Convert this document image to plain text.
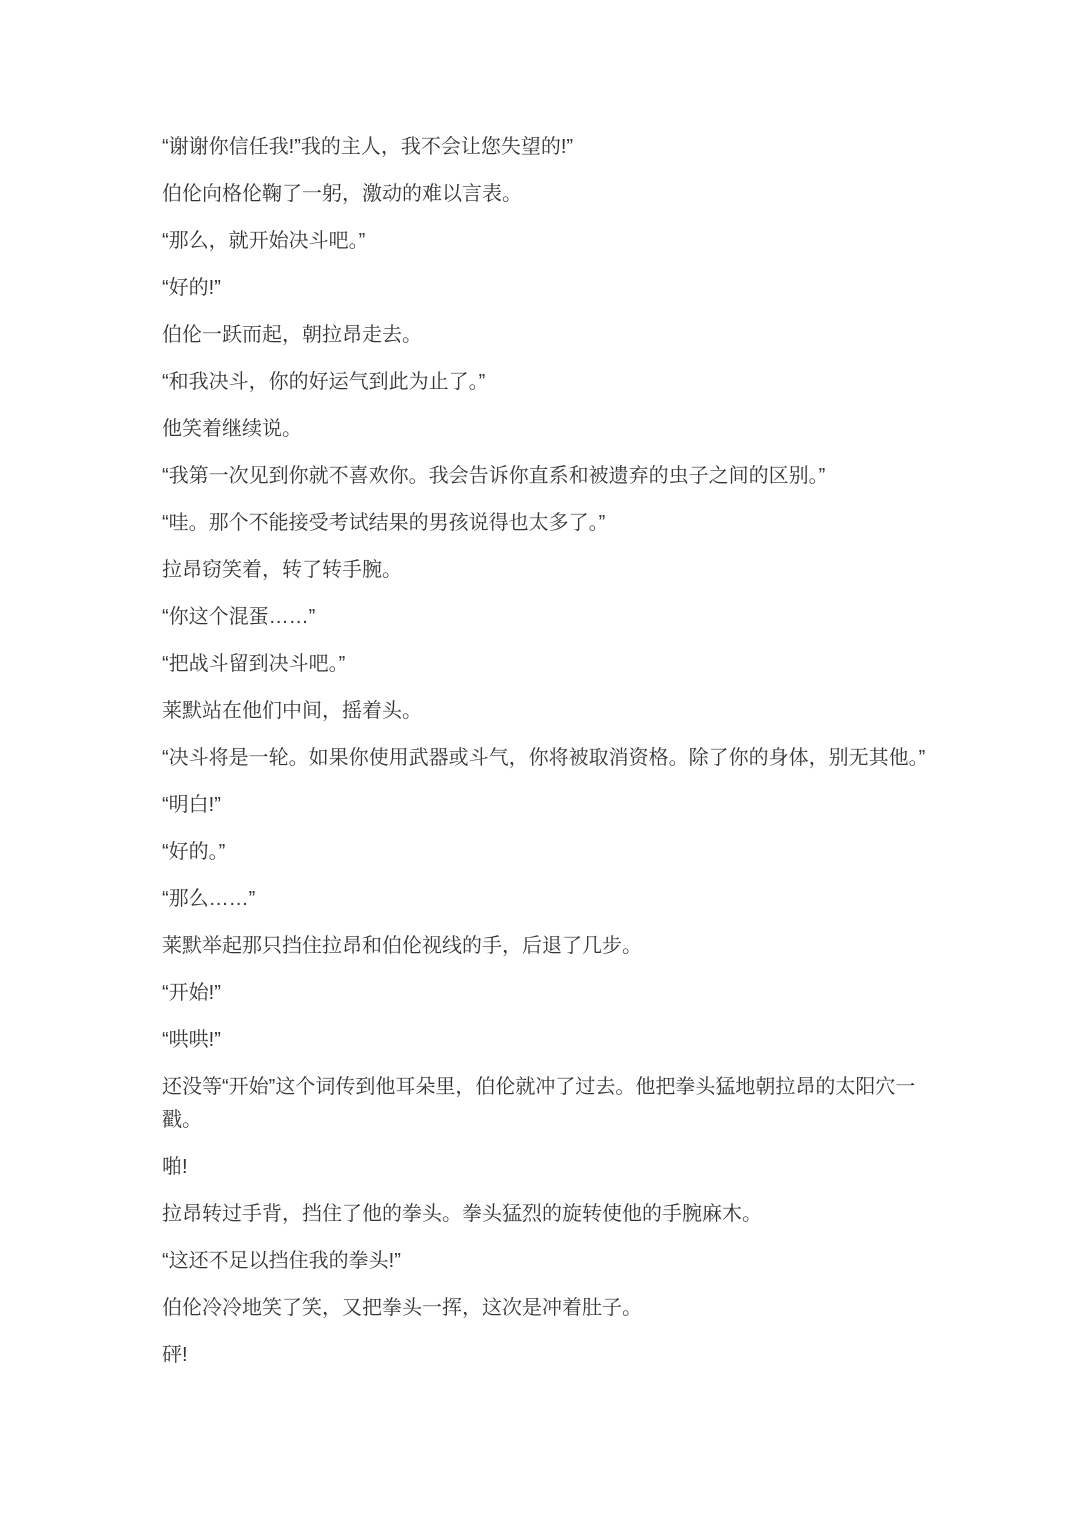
“谢谢你信任我!”我的主人，我不会让您失望的!”

伯伦向格伦鞠了一躬，激动的难以言表。

“那么，就开始决斗吧。”

“好的!”

伯伦一跃而起，朝拉昂走去。

“和我决斗，你的好运气到此为止了。”

他笑着继续说。

“我第一次见到你就不喜欢你。我会告诉你直系和被遗弃的虫子之间的区别。”

“哇。那个不能接受考试结果的男孩说得也太多了。”

拉昂窃笑着，转了转手腕。

“你这个混蛋……”

“把战斗留到决斗吧。”

莱默站在他们中间，摇着头。

“决斗将是一轮。如果你使用武器或斗气，你将被取消资格。除了你的身体，别无其他。”

“明白!”

“好的。”

“那么……”

莱默举起那只挡住拉昂和伯伦视线的手，后退了几步。

“开始!”

“哄哄!”

还没等“开始”这个词传到他耳朵里，伯伦就冲了过去。他把拳头猛地朝拉昂的太阳穴一戳。

啪!

拉昂转过手背，挡住了他的拳头。拳头猛烈的旋转使他的手腕麻木。

“这还不足以挡住我的拳头!”

伯伦冷冷地笑了笑，又把拳头一挥，这次是冲着肚子。

砰!
